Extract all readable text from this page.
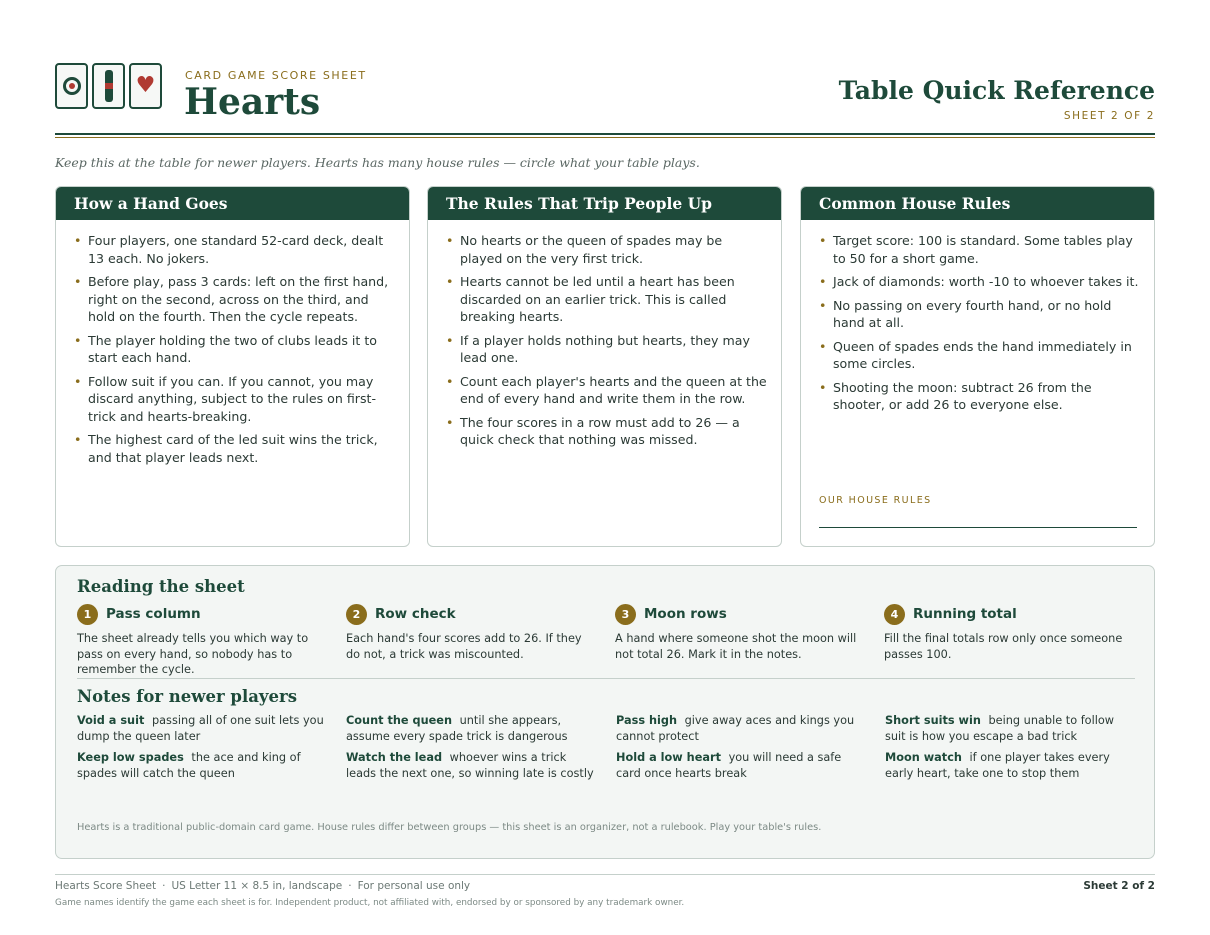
♥	CARD GAME SCORE SHEET
Hearts	Table Quick Reference
SHEET 2 OF 2
Keep this at the table for newer players. Hearts has many house rules — circle what your table plays.
How a Hand Goes
• Four players, one standard 52-card deck, dealt 13 each. No jokers.
• Before play, pass 3 cards: left on the first hand, right on the second, across on the third, and hold on the fourth. Then the cycle repeats.
• The player holding the two of clubs leads it to start each hand.
• Follow suit if you can. If you cannot, you may discard anything, subject to the rules on first-trick and hearts-breaking.
• The highest card of the led suit wins the trick, and that player leads next.
The Rules That Trip People Up
• No hearts or the queen of spades may be played on the very first trick.
• Hearts cannot be led until a heart has been discarded on an earlier trick. This is called breaking hearts.
• If a player holds nothing but hearts, they may lead one.
• Count each player's hearts and the queen at the end of every hand and write them in the row.
• The four scores in a row must add to 26 — a quick check that nothing was missed.
Common House Rules
• Target score: 100 is standard. Some tables play to 50 for a short game.
• Jack of diamonds: worth -10 to whoever takes it.
• No passing on every fourth hand, or no hold hand at all.
• Queen of spades ends the hand immediately in some circles.
• Shooting the moon: subtract 26 from the shooter, or add 26 to everyone else.
OUR HOUSE RULES
Reading the sheet
1	Pass column
The sheet already tells you which way to pass on every hand, so nobody has to remember the cycle.
2	Row check
Each hand's four scores add to 26. If they do not, a trick was miscounted.
3	Moon rows
A hand where someone shot the moon will not total 26. Mark it in the notes.
4	Running total
Fill the final totals row only once someone passes 100.
Notes for newer players
Void a suit passing all of one suit lets you dump the queen later
Count the queen until she appears, assume every spade trick is dangerous
Pass high give away aces and kings you cannot protect
Short suits win being unable to follow suit is how you escape a bad trick
Keep low spades the ace and king of spades will catch the queen
Watch the lead whoever wins a trick leads the next one, so winning late is costly
Hold a low heart you will need a safe card once hearts break
Moon watch if one player takes every early heart, take one to stop them
Hearts is a traditional public-domain card game. House rules differ between groups — this sheet is an organizer, not a rulebook. Play your table's rules.
Hearts Score Sheet · US Letter 11 × 8.5 in, landscape · For personal use only	Sheet 2 of 2
Game names identify the game each sheet is for. Independent product, not affiliated with, endorsed by or sponsored by any trademark owner.
